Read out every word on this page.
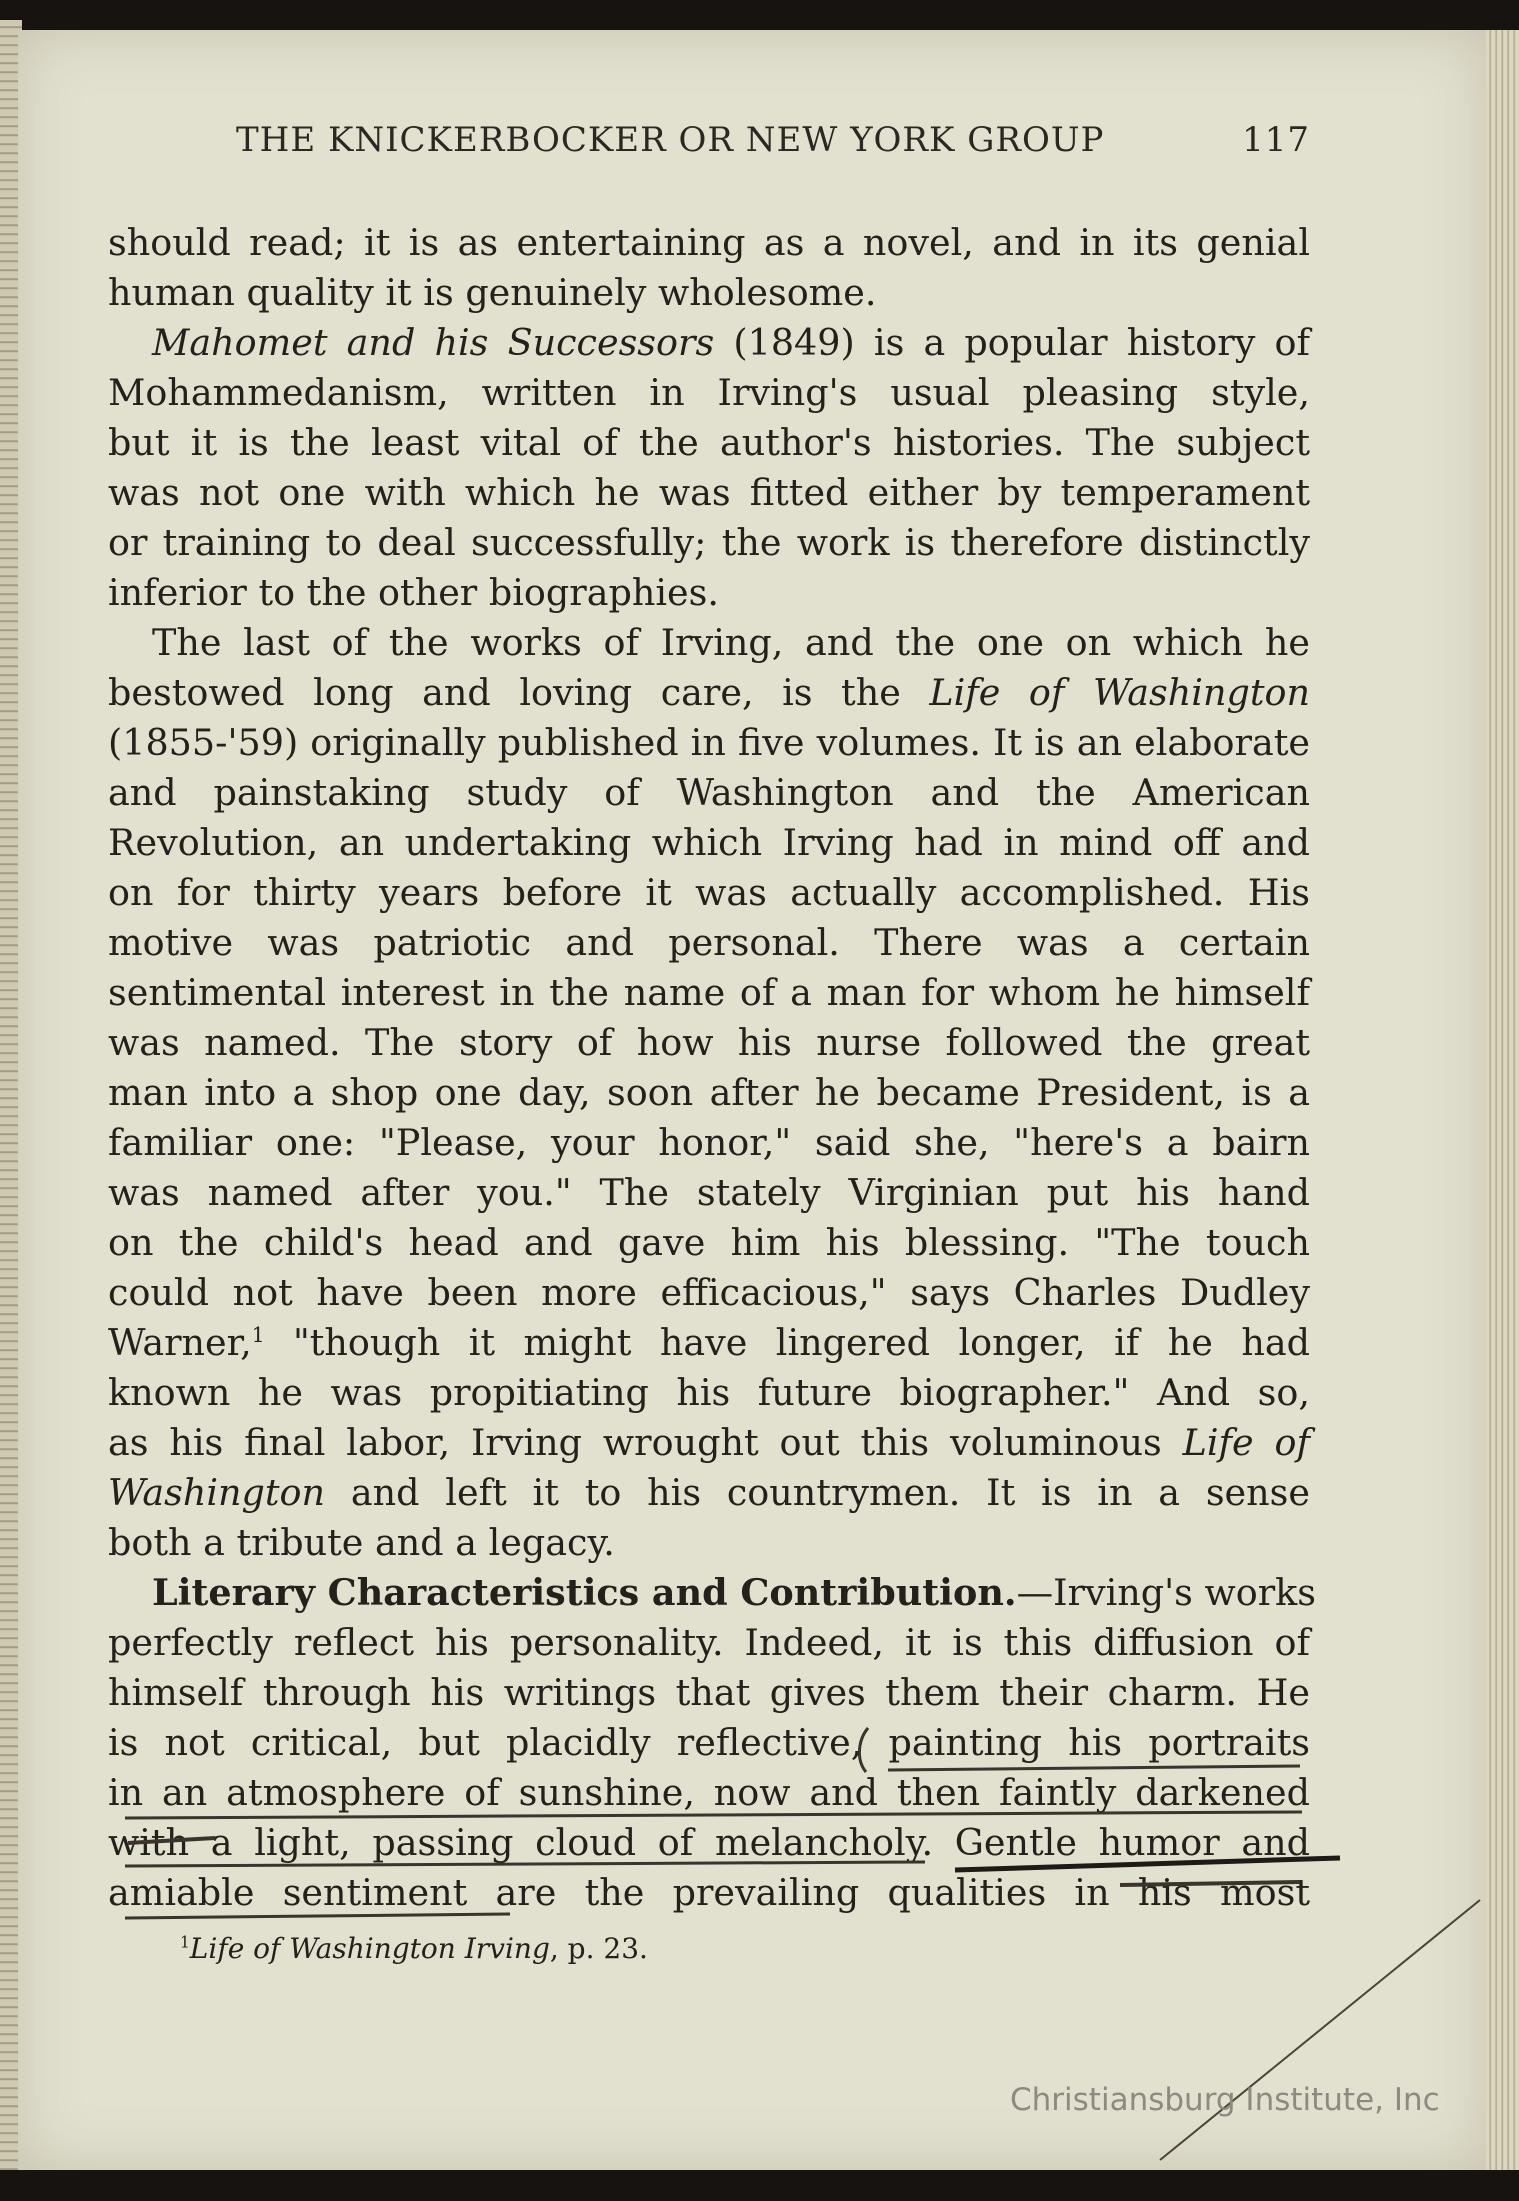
THE KNICKERBOCKER OR NEW YORK GROUP	117
should read; it is as entertaining as a novel, and in its genial
human quality it is genuinely wholesome.
Mahomet and his Successors (1849) is a popular history of
Mohammedanism, written in Irving's usual pleasing style,
but it is the least vital of the author's histories. The subject
was not one with which he was fitted either by temperament
or training to deal successfully; the work is therefore distinctly
inferior to the other biographies.
The last of the works of Irving, and the one on which he
bestowed long and loving care, is the Life of Washington
(1855-'59) originally published in five volumes. It is an elaborate
and painstaking study of Washington and the American
Revolution, an undertaking which Irving had in mind off and
on for thirty years before it was actually accomplished. His
motive was patriotic and personal. There was a certain
sentimental interest in the name of a man for whom he himself
was named. The story of how his nurse followed the great
man into a shop one day, soon after he became President, is a
familiar one: "Please, your honor," said she, "here's a bairn
was named after you." The stately Virginian put his hand
on the child's head and gave him his blessing. "The touch
could not have been more efficacious," says Charles Dudley
Warner,$^1$ "though it might have lingered longer, if he had
known he was propitiating his future biographer." And so,
as his final labor, Irving wrought out this voluminous Life of
Washington and left it to his countrymen. It is in a sense
both a tribute and a legacy.
Literary Characteristics and Contribution.—Irving's works
perfectly reflect his personality. Indeed, it is this diffusion of
himself through his writings that gives them their charm. He
is not critical, but placidly reflective, painting his portraits
in an atmosphere of sunshine, now and then faintly darkened
with a light, passing cloud of melancholy. Gentle humor and
amiable sentiment are the prevailing qualities in his most
$^1$Life of Washington Irving, p. 23.
Christiansburg Institute, Inc
